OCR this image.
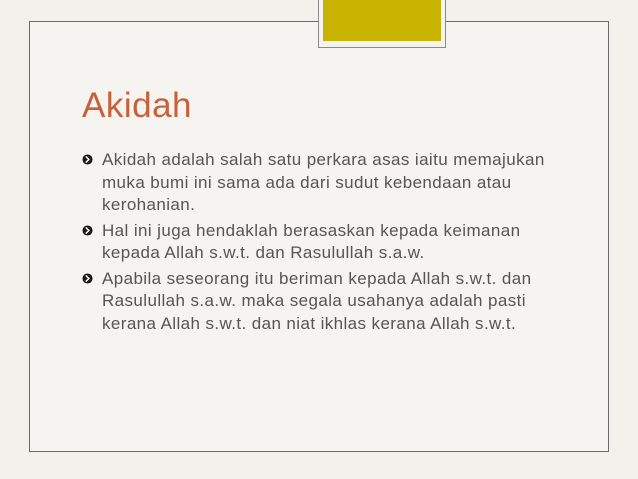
Akidah
Akidah adalah salah satu perkara asas iaitu memajukan muka bumi ini sama ada dari sudut kebendaan atau kerohanian.
Hal ini juga hendaklah berasaskan kepada keimanan kepada Allah s.w.t. dan Rasulullah s.a.w.
Apabila seseorang itu beriman kepada Allah s.w.t. dan Rasulullah s.a.w. maka segala usahanya adalah pasti kerana Allah s.w.t. dan niat ikhlas kerana Allah s.w.t.
